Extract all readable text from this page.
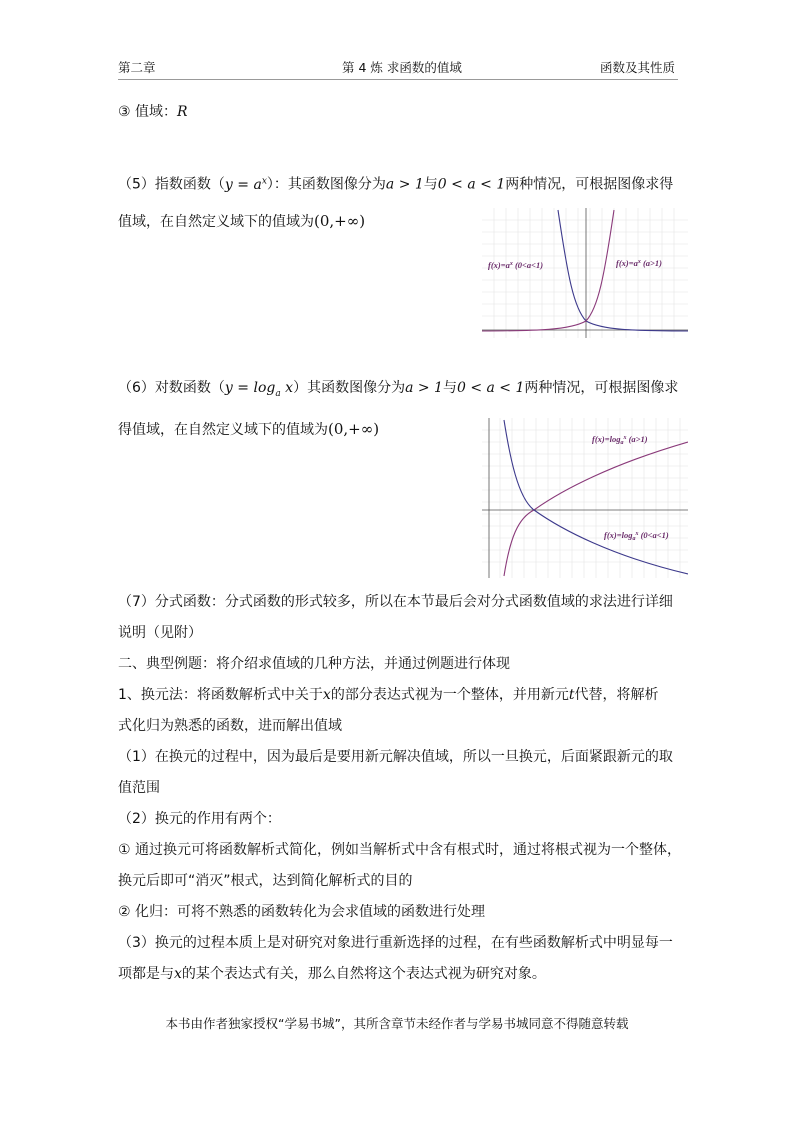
第二章	第 4 炼 求函数的值域	函数及其性质
③ 值域：R
（5）指数函数$(y = a^x)$：其函数图像分为a > 1与0 < a < 1两种情况，可根据图像求得
值域，在自然定义域下的值域为(0,+∞)
$f(x)=a^x$ (0<a<1)	$f(x)=a^x$ (a>1)
（6）对数函数$(y = \log_a x)$其函数图像分为a > 1与0 < a < 1两种情况，可根据图像求
得值域，在自然定义域下的值域为(0,+∞)
$f(x)=\log_a^x$ (a>1)
$f(x)=\log_a^x$ (0<a<1)
（7）分式函数：分式函数的形式较多，所以在本节最后会对分式函数值域的求法进行详细
说明（见附）
二、典型例题：将介绍求值域的几种方法，并通过例题进行体现
1、换元法：将函数解析式中关于x的部分表达式视为一个整体，并用新元t代替，将解析
式化归为熟悉的函数，进而解出值域
（1）在换元的过程中，因为最后是要用新元解决值域，所以一旦换元，后面紧跟新元的取
值范围
（2）换元的作用有两个：
① 通过换元可将函数解析式简化，例如当解析式中含有根式时，通过将根式视为一个整体，
换元后即可“消灭”根式，达到简化解析式的目的
② 化归：可将不熟悉的函数转化为会求值域的函数进行处理
（3）换元的过程本质上是对研究对象进行重新选择的过程，在有些函数解析式中明显每一
项都是与x的某个表达式有关，那么自然将这个表达式视为研究对象。
本书由作者独家授权“学易书城”，其所含章节未经作者与学易书城同意不得随意转载
